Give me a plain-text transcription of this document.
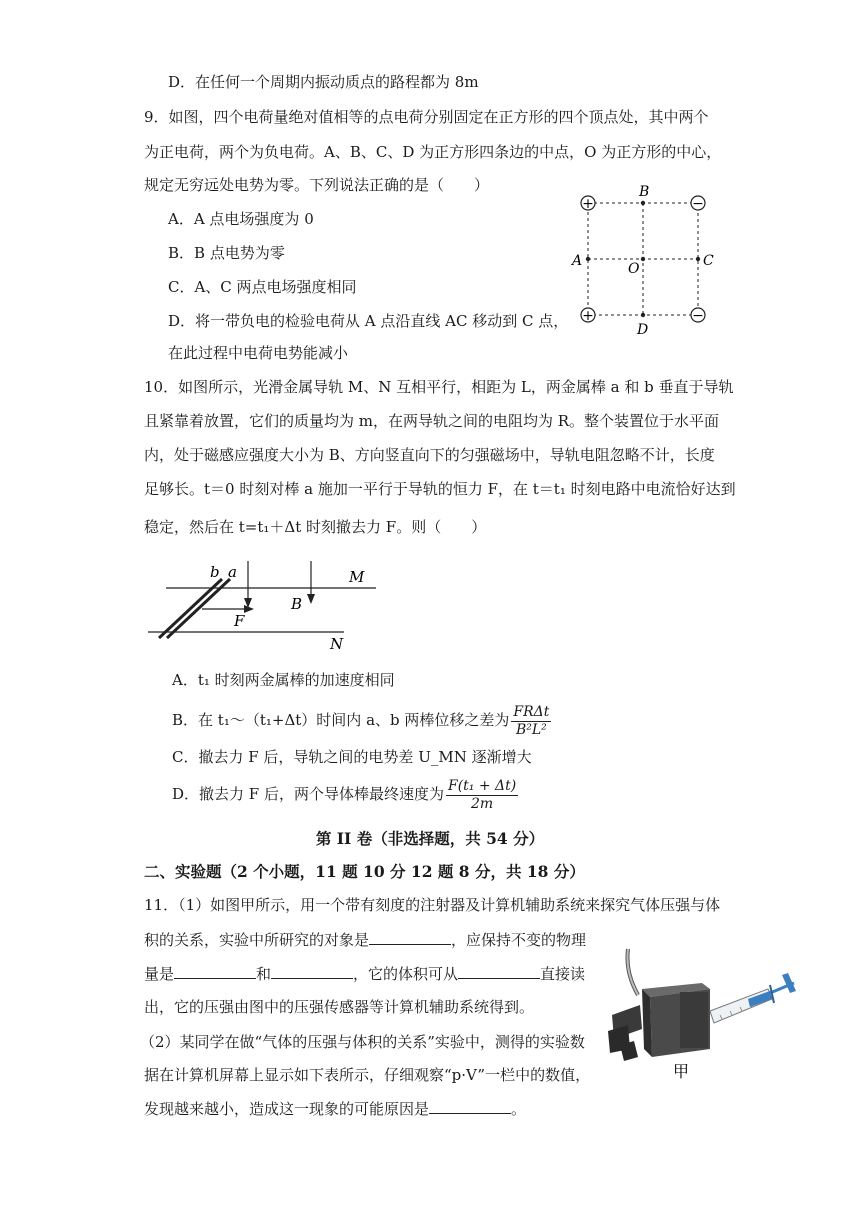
D．在任何一个周期内振动质点的路程都为 8m
9．如图，四个电荷量绝对值相等的点电荷分别固定在正方形的四个顶点处，其中两个
为正电荷，两个为负电荷。A、B、C、D 为正方形四条边的中点，O 为正方形的中心，
规定无穷远处电势为零。下列说法正确的是（　　）
A．A 点电场强度为 0
B．B 点电势为零
C．A、C 两点电场强度相同
D．将一带负电的检验电荷从 A 点沿直线 AC 移动到 C 点，
在此过程中电荷电势能减小
+	−
+	−
B
A	O	C
D
10．如图所示，光滑金属导轨 M、N 互相平行，相距为 L，两金属棒 a 和 b 垂直于导轨
且紧靠着放置，它们的质量均为 m，在两导轨之间的电阻均为 R。整个装置位于水平面
内，处于磁感应强度大小为 B、方向竖直向下的匀强磁场中，导轨电阻忽略不计，长度
足够长。t＝0 时刻对棒 a 施加一平行于导轨的恒力 F，在 t＝t₁ 时刻电路中电流恰好达到
稳定，然后在 t=t₁＋Δt 时刻撤去力 F。则（　　）
b a	M
B
F
N
A．t₁ 时刻两金属棒的加速度相同
B．在 t₁～（t₁+Δt）时间内 a、b 两棒位移之差为 $\frac{\text{FRΔt}}{\text{B²L²}}$
C．撤去力 F 后，导轨之间的电势差 U_MN 逐渐增大
D．撤去力 F 后，两个导体棒最终速度为 $\frac{\text{F(t₁ + Δt)}}{2m}$
第 II 卷（非选择题，共 54 分）
二、实验题（2 个小题，11 题 10 分 12 题 8 分，共 18 分）
11．（1）如图甲所示，用一个带有刻度的注射器及计算机辅助系统来探究气体压强与体
积的关系，实验中所研究的对象是	，应保持不变的物理
量是	和	，它的体积可从	直接读
出，它的压强由图中的压强传感器等计算机辅助系统得到。
（2）某同学在做“气体的压强与体积的关系”实验中，测得的实验数
据在计算机屏幕上显示如下表所示，仔细观察“p·V”一栏中的数值，
发现越来越小，造成这一现象的可能原因是	。
甲
